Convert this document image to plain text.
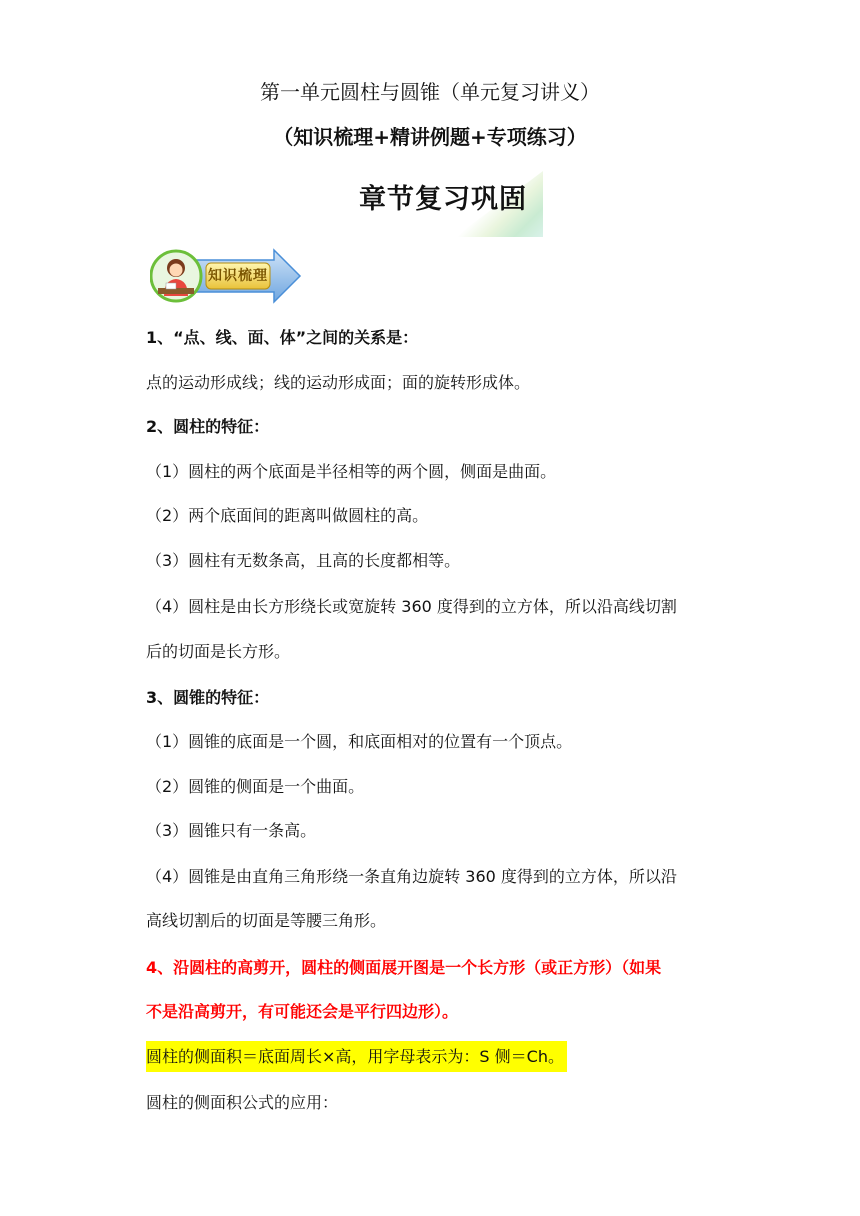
第一单元圆柱与圆锥（单元复习讲义）
（知识梳理+精讲例题+专项练习）
章节复习巩固
知识梳理
1、“点、线、面、体”之间的关系是：
点的运动形成线；线的运动形成面；面的旋转形成体。
2、圆柱的特征：
（1）圆柱的两个底面是半径相等的两个圆，侧面是曲面。
（2）两个底面间的距离叫做圆柱的高。
（3）圆柱有无数条高，且高的长度都相等。
（4）圆柱是由长方形绕长或宽旋转 360 度得到的立方体，所以沿高线切割
后的切面是长方形。
3、圆锥的特征：
（1）圆锥的底面是一个圆，和底面相对的位置有一个顶点。
（2）圆锥的侧面是一个曲面。
（3）圆锥只有一条高。
（4）圆锥是由直角三角形绕一条直角边旋转 360 度得到的立方体，所以沿
高线切割后的切面是等腰三角形。
4、沿圆柱的高剪开，圆柱的侧面展开图是一个长方形（或正方形）（如果
不是沿高剪开，有可能还会是平行四边形）。
圆柱的侧面积＝底面周长×高，用字母表示为：S 侧＝Ch。
圆柱的侧面积公式的应用：
